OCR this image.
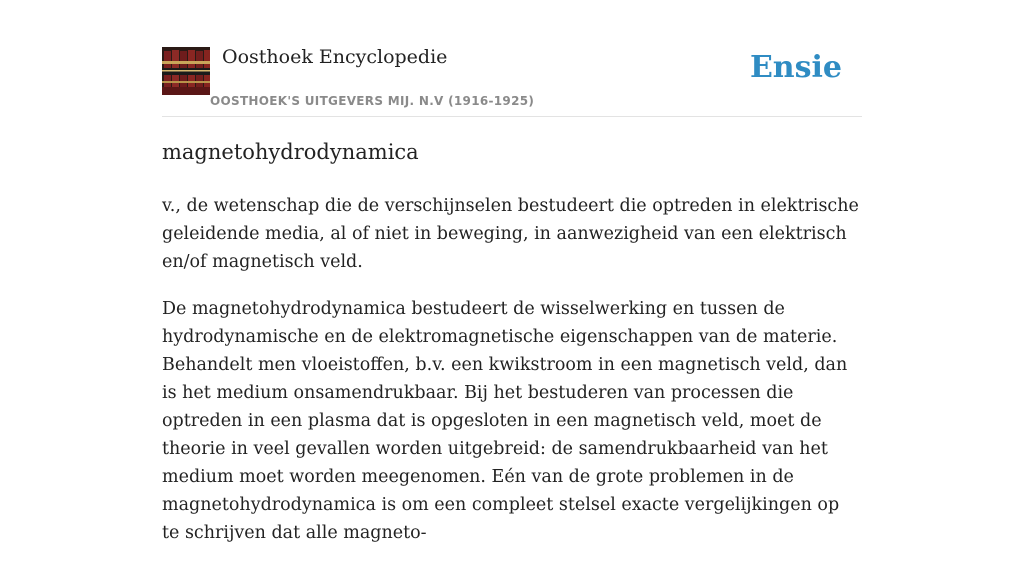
Oosthoek Encyclopedie
OOSTHOEK'S UITGEVERS MIJ. N.V (1916-1925)
Ensie
magnetohydrodynamica

v., de wetenschap die de verschijnselen bestudeert die optreden in elektrische geleidende media, al of niet in beweging, in aanwezigheid van een elektrisch en/of magnetisch veld.

De magnetohydrodynamica bestudeert de wisselwerking en tussen de hydrodynamische en de elektromagnetische eigenschappen van de materie. Behandelt men vloeistoffen, b.v. een kwikstroom in een magnetisch veld, dan is het medium onsamendrukbaar. Bij het bestuderen van processen die optreden in een plasma dat is opgesloten in een magnetisch veld, moet de theorie in veel gevallen worden uitgebreid: de samendrukbaarheid van het medium moet worden meegenomen. Eén van de grote problemen in de magnetohydrodynamica is om een compleet stelsel exacte vergelijkingen op te schrijven dat alle magneto-
